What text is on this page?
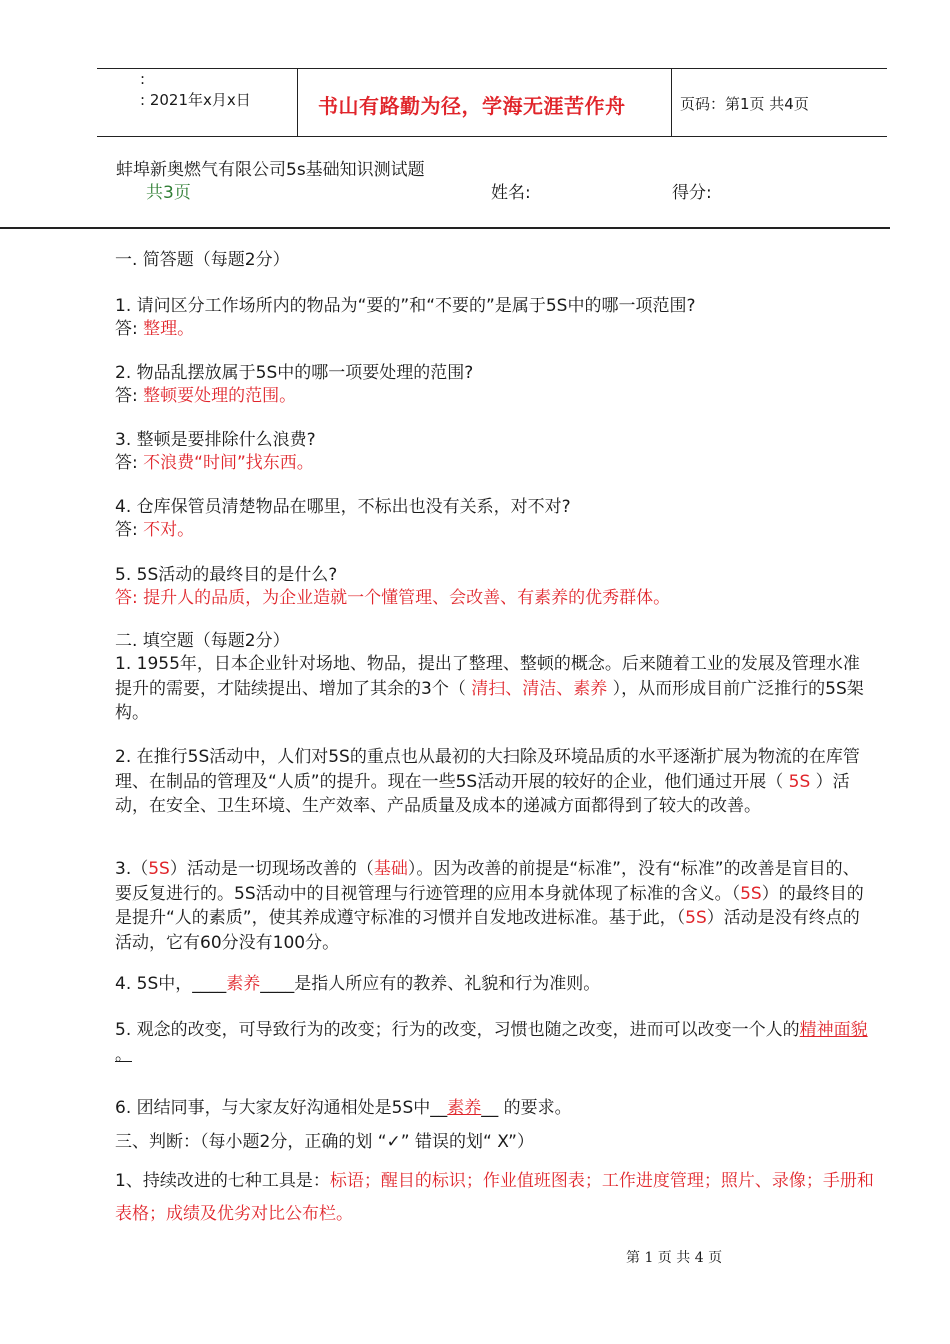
:
: 2021年x月x日	书山有路勤为径，学海无涯苦作舟	页码：第1页 共4页
蚌埠新奥燃气有限公司5s基础知识测试题
共3页	姓名:	得分:
一. 简答题（每题2分）
1. 请问区分工作场所内的物品为“要的”和“不要的”是属于5S中的哪一项范围?
答: 整理。
2. 物品乱摆放属于5S中的哪一项要处理的范围?
答: 整顿要处理的范围。
3. 整顿是要排除什么浪费?
答: 不浪费“时间”找东西。
4. 仓库保管员清楚物品在哪里，不标出也没有关系，对不对?
答: 不对。
5. 5S活动的最终目的是什么?
答: 提升人的品质，为企业造就一个懂管理、会改善、有素养的优秀群体。
二. 填空题（每题2分）
1. 1955年，日本企业针对场地、物品，提出了整理、整顿的概念。后来随着工业的发展及管理水准提升的需要，才陆续提出、增加了其余的3个（ 清扫、清洁、素养 ），从而形成目前广泛推行的5S架构。
2. 在推行5S活动中，人们对5S的重点也从最初的大扫除及环境品质的水平逐渐扩展为物流的在库管理、在制品的管理及“人质”的提升。现在一些5S活动开展的较好的企业，他们通过开展（ 5S ）活动，在安全、卫生环境、生产效率、产品质量及成本的递减方面都得到了较大的改善。
3.（5S）活动是一切现场改善的（基础）。因为改善的前提是“标准”，没有“标准”的改善是盲目的、要反复进行的。5S活动中的目视管理与行迹管理的应用本身就体现了标准的含义。（5S）的最终目的是提升“人的素质”，使其养成遵守标准的习惯并自发地改进标准。基于此，（5S）活动是没有终点的活动，它有60分没有100分。
4. 5S中，____素养____是指人所应有的教养、礼貌和行为准则。
5. 观念的改变，可导致行为的改变；行为的改变，习惯也随之改变，进而可以改变一个人的精神面貌 。
6. 团结同事，与大家友好沟通相处是5S中__素养__ 的要求。
三、判断：（每小题2分，正确的划 “✓” 错误的划“ X”）
1、持续改进的七种工具是：标语；醒目的标识；作业值班图表；工作进度管理；照片、录像；手册和表格；成绩及优劣对比公布栏。
第 1 页 共 4 页
